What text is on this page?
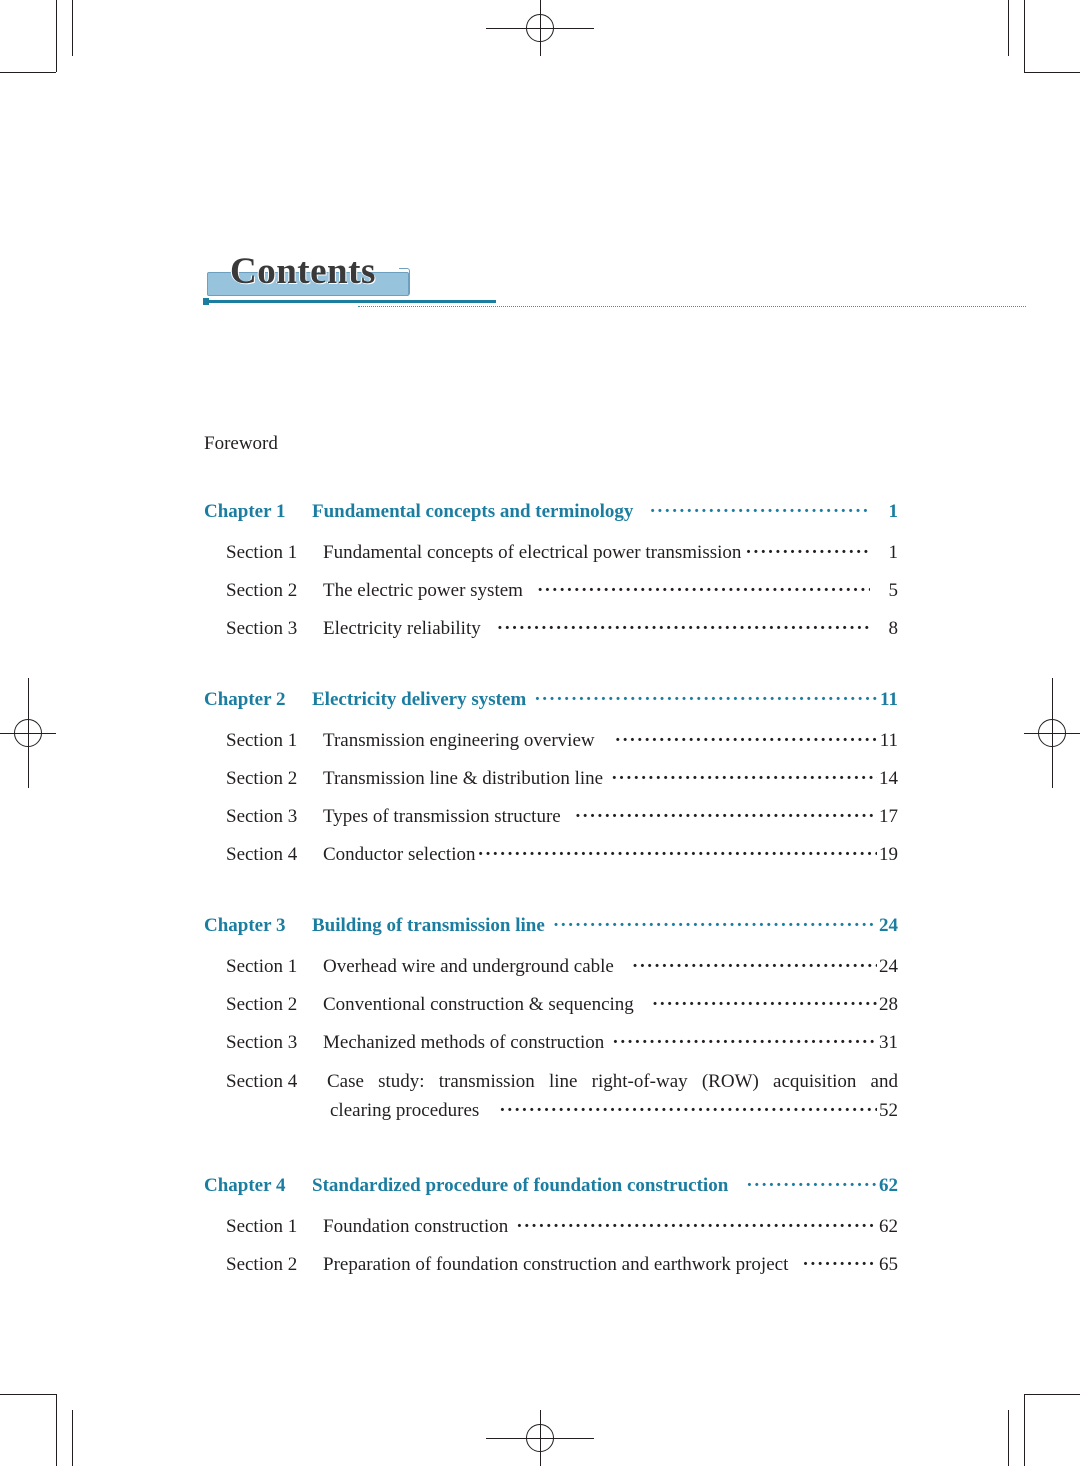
Contents
Foreword
Chapter 1	Fundamental concepts and terminology ·····	1
Section 1	Fundamental concepts of electrical power transmission ·····	1
Section 2	The electric power system ·····	5
Section 3	Electricity reliability ·····	8
Chapter 2	Electricity delivery system ·····	11
Section 1	Transmission engineering overview ·····	11
Section 2	Transmission line & distribution line ·····	14
Section 3	Types of transmission structure ·····	17
Section 4	Conductor selection ·····	19
Chapter 3	Building of transmission line ·····	24
Section 1	Overhead wire and underground cable ·····	24
Section 2	Conventional construction & sequencing ·····	28
Section 3	Mechanized methods of construction ·····	31
Section 4	Case study: transmission line right-of-way (ROW) acquisition and
clearing procedures ·····	52
Chapter 4	Standardized procedure of foundation construction ·····	62
Section 1	Foundation construction ·····	62
Section 2	Preparation of foundation construction and earthwork project ·····	65
